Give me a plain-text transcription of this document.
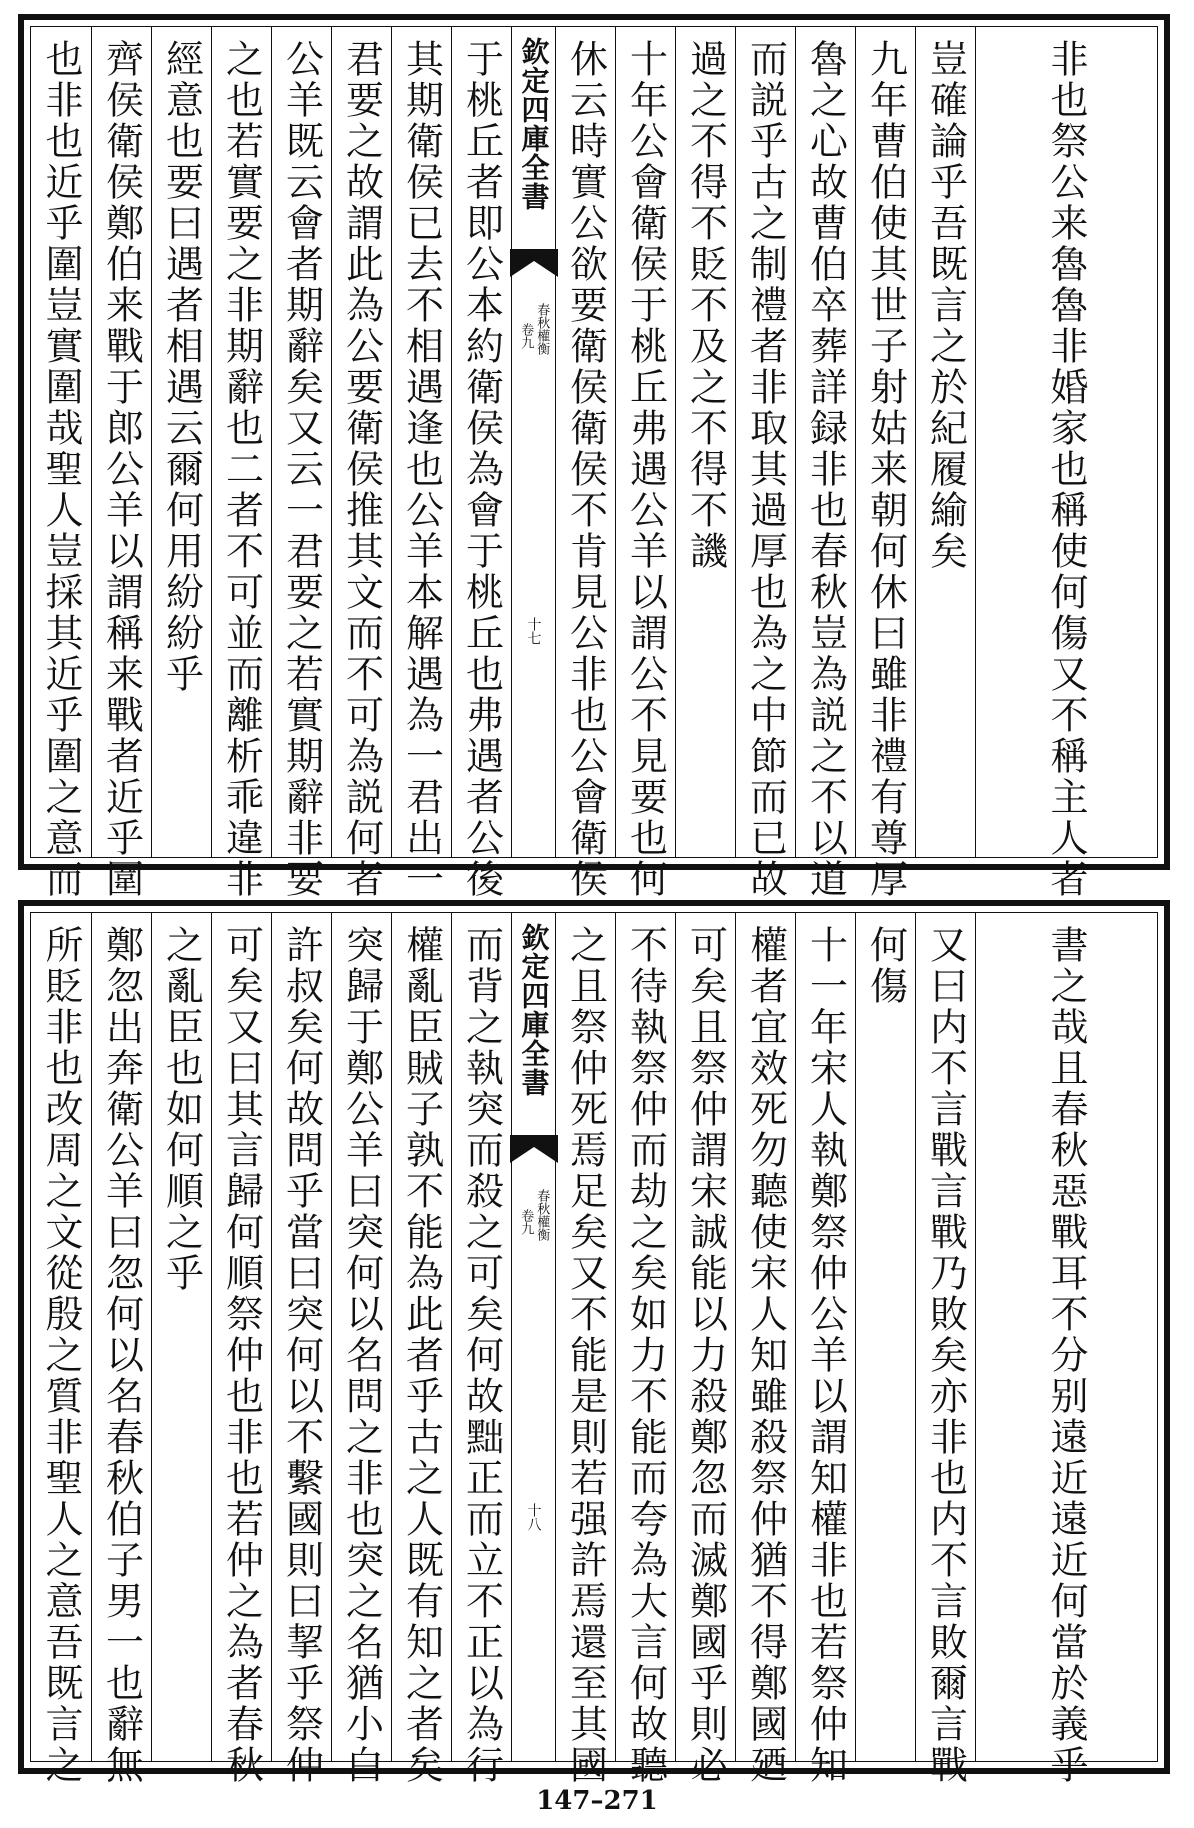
也非也近乎圍豈實圍哉聖人豈採其近乎圍之意而 齊侯衛侯鄭伯来戰于郎公羊以謂稱来戰者近乎圍 經意也要曰遇者相遇云爾何用紛紛乎 之也若實要之非期辭也二者不可並而離析乖違非 公羊既云會者期辭矣又云一君要之若實期辭非要 君要之故謂此為公要衛侯推其文而不可為説何者 其期衛侯已去不相遇逢也公羊本解遇為一君出一 于桃丘者即公本約衛侯為會于桃丘也弗遇者公後 欽定四庫全書
春秋權衡
卷九
十七 休云時實公欲要衛侯衛侯不肯見公非也公會衛侯 十年公會衛侯于桃丘弗遇公羊以謂公不見要也何 過之不得不貶不及之不得不譏 而説乎古之制禮者非取其過厚也為之中節而已故 魯之心故曹伯卒葬詳録非也春秋豈為説之不以道 九年曹伯使其世子射姑来朝何休曰雖非禮有尊厚 豈確論乎吾既言之於紀履緰矣 非也祭公来魯魯非婚家也稱使何傷又不稱主人者
所貶非也改周之文從殷之質非聖人之意吾既言之 鄭忽出奔衛公羊曰忽何以名春秋伯子男一也辭無 之亂臣也如何順之乎 可矣又曰其言歸何順祭仲也非也若仲之為者春秋 許叔矣何故問乎當曰突何以不繫國則曰挈乎祭仲 突歸于鄭公羊曰突何以名問之非也突之名猶小白 權亂臣賊子孰不能為此者乎古之人既有知之者矣 而背之執突而殺之可矣何故黜正而立不正以為行 欽定四庫全書
春秋權衡
卷九
十八 之且祭仲死焉足矣又不能是則若强許焉還至其國 不待執祭仲而劫之矣如力不能而夸為大言何故聽 可矣且祭仲謂宋誠能以力殺鄭忽而滅鄭國乎則必 權者宜效死勿聽使宋人知雖殺祭仲猶不得鄭國廼 十一年宋人執鄭祭仲公羊以謂知權非也若祭仲知 何傷 又曰内不言戰言戰乃敗矣亦非也内不言敗爾言戰 書之哉且春秋惡戰耳不分别遠近遠近何當於義乎
147–271
